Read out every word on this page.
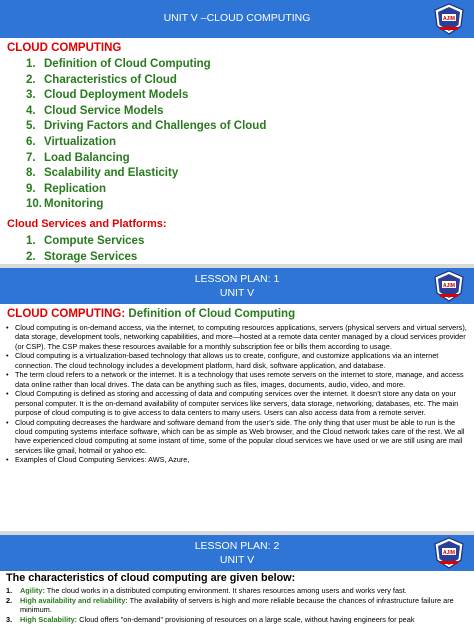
UNIT V –CLOUD COMPUTING	AJIM
CLOUD COMPUTING
1. Definition of Cloud Computing
2. Characteristics of Cloud
3. Cloud Deployment Models
4. Cloud Service Models
5. Driving Factors and Challenges of Cloud
6. Virtualization
7. Load Balancing
8. Scalability and Elasticity
9. Replication
10. Monitoring
Cloud Services and Platforms:
1. Compute Services
2. Storage Services
LESSON PLAN: 1
UNIT V
AJIM
CLOUD COMPUTING: Definition of Cloud Computing
• Cloud computing is on-demand access, via the internet, to computing resources applications, servers (physical servers and virtual servers), data storage, development tools, networking capabilities, and more—hosted at a remote data center managed by a cloud services provider (or CSP). The CSP makes these resources available for a monthly subscription fee or bills them according to usage.
• Cloud computing is a virtualization-based technology that allows us to create, configure, and customize applications via an internet connection. The cloud technology includes a development platform, hard disk, software application, and database.
• The term cloud refers to a network or the internet. It is a technology that uses remote servers on the internet to store, manage, and access data online rather than local drives. The data can be anything such as files, images, documents, audio, video, and more.
• Cloud Computing is defined as storing and accessing of data and computing services over the internet. It doesn’t store any data on your personal computer. It is the on-demand availability of computer services like servers, data storage, networking, databases, etc. The main purpose of cloud computing is to give access to data centers to many users. Users can also access data from a remote server.
• Cloud computing decreases the hardware and software demand from the user’s side. The only thing that user must be able to run is the cloud computing systems interface software, which can be as simple as Web browser, and the Cloud network takes care of the rest. We all have experienced cloud computing at some instant of time, some of the popular cloud services we have used or we are still using are mail services like gmail, hotmail or yahoo etc.
• Examples of Cloud Computing Services: AWS, Azure,
LESSON PLAN: 2
UNIT V
AJIM
The characteristics of cloud computing are given below:
1. Agility: The cloud works in a distributed computing environment. It shares resources among users and works very fast.
2. High availability and reliability: The availability of servers is high and more reliable because the chances of infrastructure failure are minimum.
3. High Scalability: Cloud offers "on-demand" provisioning of resources on a large scale, without having engineers for peak
